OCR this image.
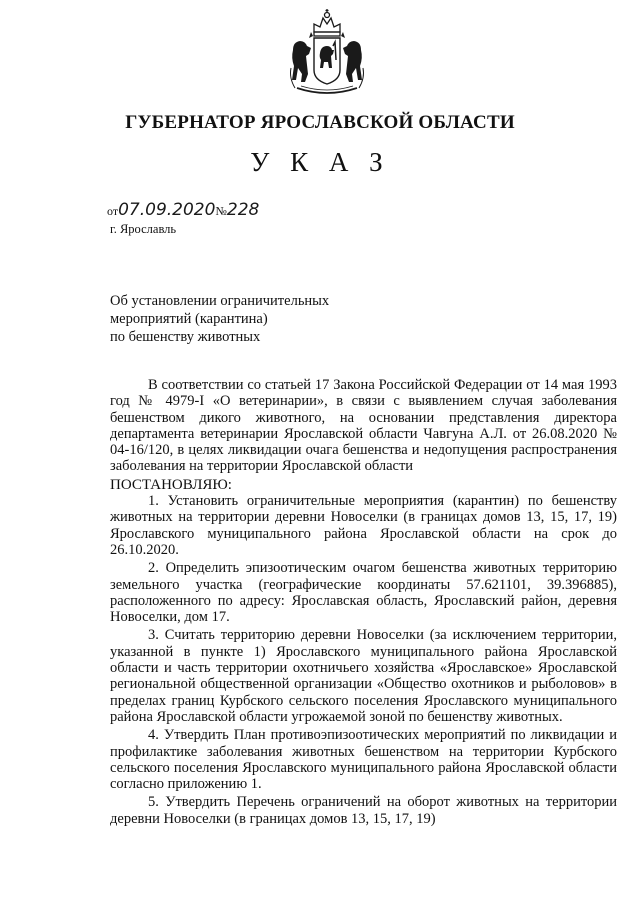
ГУБЕРНАТОР ЯРОСЛАВСКОЙ ОБЛАСТИ
У К А З
от07.09.2020№228
г. Ярославль
Об установлении ограничительных
мероприятий (карантина)
по бешенству животных

В соответствии со статьей 17 Закона Российской Федерации от 14 мая 1993 год № 4979-I «О ветеринарии», в связи с выявлением случая заболевания бешенством дикого животного, на основании представления директора департамента ветеринарии Ярославской области Чавгуна А.Л. от 26.08.2020 № 04-16/120, в целях ликвидации очага бешенства и недопущения распространения заболевания на территории Ярославской области

ПОСТАНОВЛЯЮ:

1. Установить ограничительные мероприятия (карантин) по бешенству животных на территории деревни Новоселки (в границах домов 13, 15, 17, 19) Ярославского муниципального района Ярославской области на срок до 26.10.2020.

2. Определить эпизоотическим очагом бешенства животных территорию земельного участка (географические координаты 57.621101, 39.396885), расположенного по адресу: Ярославская область, Ярославский район, деревня Новоселки, дом 17.

3. Считать территорию деревни Новоселки (за исключением территории, указанной в пункте 1) Ярославского муниципального района Ярославской области и часть территории охотничьего хозяйства «Ярославское» Ярославской региональной общественной организации «Общество охотников и рыболовов» в пределах границ Курбского сельского поселения Ярославского муниципального района Ярославской области угрожаемой зоной по бешенству животных.

4. Утвердить План противоэпизоотических мероприятий по ликвидации и профилактике заболевания животных бешенством на территории Курбского сельского поселения Ярославского муниципального района Ярославской области согласно приложению 1.

5. Утвердить Перечень ограничений на оборот животных на территории деревни Новоселки (в границах домов 13, 15, 17, 19)
